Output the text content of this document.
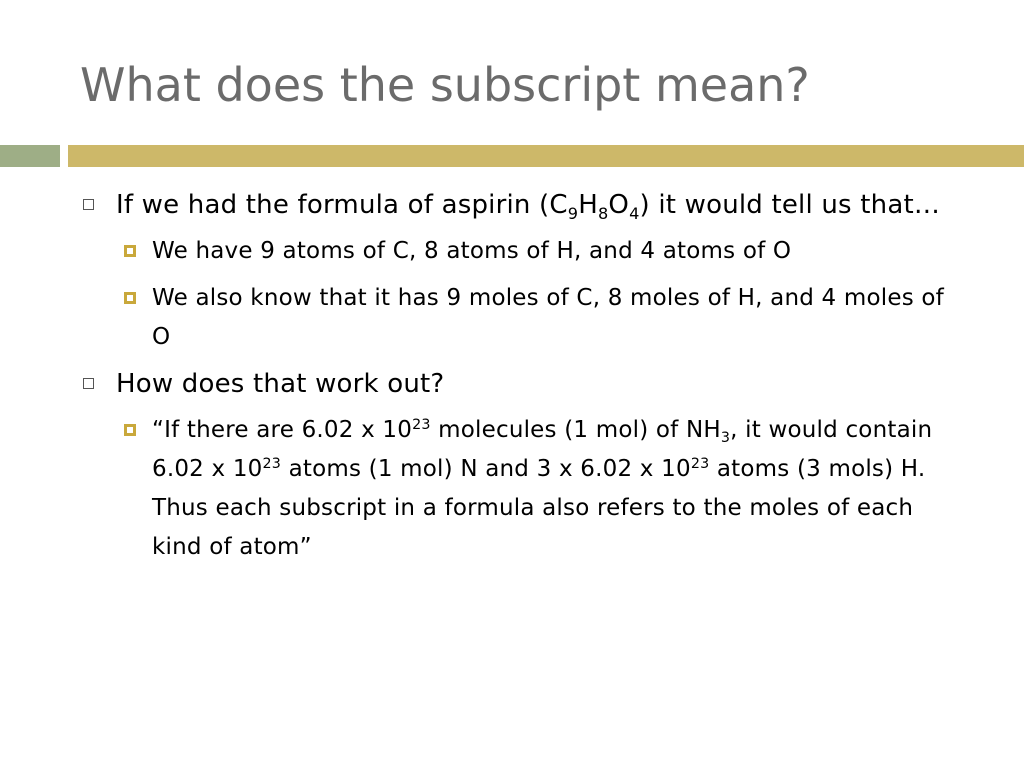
What does the subscript mean?
If we had the formula of aspirin $(C_9H_8O_4)$ it would tell us that…
We have 9 atoms of C, 8 atoms of H, and 4 atoms of O
We also know that it has 9 moles of C, 8 moles of H, and 4 moles of O
How does that work out?
“If there are 6.02 x $10^{23}$ molecules (1 mol) of $NH_3$, it would contain 6.02 x $10^{23}$ atoms (1 mol) N and 3 x 6.02 x $10^{23}$ atoms (3 mols) H. Thus each subscript in a formula also refers to the moles of each kind of atom”
